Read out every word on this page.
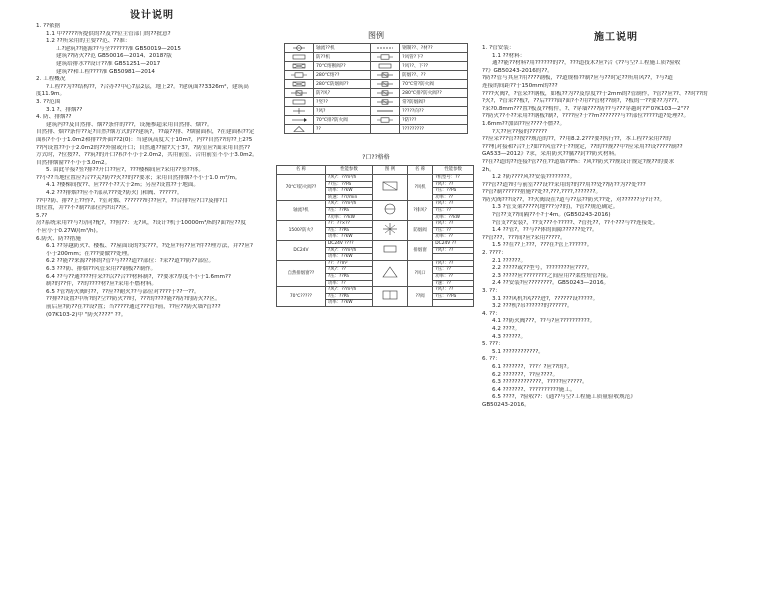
设计说明
1. ??依据
1.1 甲?????所提供的??及??位主管部门的??批意?
1.2 ??所采用的主要??范、??准：
工?建筑??能源??与全??????准 GB50019—2015
建筑??防火??范 GB50016—2014、2018?版
建筑给排水??设计??准 GB51251—2017
建筑??和工程????准 GB50981—2014
2. 工程概况
?工程??为??结构??，?合办??中心7层2层，地上2?。?建筑面??3326m²，建筑高
度11.9m。
3. ??范围
3.1 ?、排烟??
4. 防、排烟??
建筑内??及自然排、烟??条件的???，设施参超采用自然排、烟??。
自然排、烟??条件??足?自然?烟方式的??建筑?，??最??排、?烟窗面积，?在建面积??定
面积?不小于1.0m2和排??外面??2(0)：当建筑高度大于10m?，内??自然??的??上2?5
??内设置??小于2.0m2的??外窗或开口；自然通??窗?大于3?，?防室应?面采用自然??
方式时，?位按??、??筑?的开口?积?不小于2.0m2，共用前室、合用前室不小于3.0m2。
自然排烟窗??不小于3.0m2。
5. 由此平接?竖?排??开口??应?，???楼梯间应?采用??竖??体。
??小??当地位置应?合??关?防??火??的??要求；采用自然排烟?不小于1.0 m²/m。
4.1 ?楼梯间按??、应???不??大于2m；另应?设置??于地面。
4.2 ???排烟??应不?部从???处?防火门和阀、??????。
??中?防、排??上??作?、?室对烟、???????时??应?，??合排?应?口?及排?口
的位置，并??不?制??部位内?出??区。
5.??
房?系统采用??与?房同?配?，??照??：无?风，?设计?机于10000m³/h的?面?应??度
不应小于0.27W/(m³/h)。
6.防火、防??措施
6.1 ??穿越防火?、楼板、??屋面设的?实???，?处应?有??应?件??理方法，并??应?
小于200mm；在???要做??处理。
6.2 ??能??来源??体的?管?与????道??部位：?采??道??防??部位。
6.3 ???防、排烟??风管采用??钢板??制作。
6.4 ??与??通????件采??以??合??材料制?，??要求?厚度不小于1.6mm??
制?的??件，??的????材?应?采用不燃材料。
6.5 ?管?防火阀时??，??应??耐火??与部位对????于??一??。
??排??设置?中所?的?空??防火??时，???的????能??防?的防火??区。
前后应?防??在??设?置；当?????通过???管?前，??应??防火墙?管???
(07K103-2)中 "防火????" ??。
图例
	轴流??机		钢制??、?材??

	防??机		?风管?下?

	70℃熔断阀??		?风??、下??

	280℃熔??		防烟??、??

	280℃防烟阀??		70℃常?防火阀

	防?风?		280℃排?防火阀??

	?竖??		常?防烟阀?

	?风?		?????向??

	70℃排?防火阀		?防???

	??		?????????
?口??格格
名 称	性能参数	图 例	名 称	性能参数
70℃?防火阀??	?风?：??m³/h		?风机	?机型号：??
	??压：??Pa			?风?：??
	功率：??kW			?压：??Pa
	转速：??r/min			功率：??
轴流?机	?风?：??m³/h		?排风?	?风?：??
	?压：??Pa			?压：??
	?功率：??kW			功率：??kW
1500?防火?	??：??×??		防烟阀	?风?：??
	?压：??Pa			?压：??
	功率：??kW			功率：??
DC24V	DC24V ????		排烟窗	DC24V ??
	?风?：??m³/h			?风?：??
	功率：??kW			
自然排烟窗??	??：??m²		?风口	?风?：??
	?风?：??			?压：??
	?压：??Pa			功率：??
	功率：??			?速：??
70℃?????	?风?：??m³/h		??阀	?风?：??
	?压：??Pa			?压：??Pa
	功率：??kW			
施工说明
1. ?管安装：
1.1 ??材料：
通??能??材料?用??????的??，???道技术?应?合《??与空?工程施工质?验收
??》GB50243-2016的??。
?防??管与其应?用????钢板，??道规格??制?应与??时定??所用风??，?与?道
连接的间距??于150mm的???
????火阀?，?管采??钢板，如板??为??及厚度??于2mm的?管制作，?管??应??、??时??的
?火?，?管采??板?，??后????面?面?不?用??管材??制?，?板的一??要??为???，
?采?0.8mm???置?板及??构件，?、?穿墙????防??与???穿越时??"0?K103—2"??
??防火??不??采用??钢板?制?，????应?于??m???????与??部位?????道?处理??。
1.6mm??加固??应????不燃??。
?大??应??接的??????
??应采???管??按??规范的??，??用8.2.2???要?执行??，本工程??采用??的
???机对接和?合?上?如??风管??于??规定，??的??规??中?应采用??设?????制??
GA533—2012》?求，采用防火??腻??封??防火材料。
??在??道的??连接?管??在??道墙??Fh：?风??防火??规设计规定?规??的要求
2h。
1.2 ?防????风??安装????????。
???管??道?时与前室???设??采用的?的??用??处??防??为??处???
??管?制??????措施??处??,???,????,???????。
?防火阀???设??，??火阀设在?道与??层??防火??处，对??????分?计??。
1.3 ?管支架?????(地???分?的)，?管??规范确定。
?管??支??间隔??不?于4m。(GB50243-2016)
?管支??安装?，??支???不?????、?管托??，??不???与??连接处。
1.4 ??管?，??与??体的间隙??????处??。
??管???，???间?应?采用?????。
1.5 ??在??上???，???在?管上??????。
2. ????：
2.1 ??????。
2.2 ?????或??型号，????????应????。
2.3 ?????应????????之间应用??柔性短管?接。
2.4 ??安装?应????????。GB50243—2016。
3. ??：
3.1 ???风机?风???进?，??????设?????。
3.2 ???机?吊??????的??????。
4. ??：
4.1 ??防火阀???，??与?应??????????。
4.2 ????。
4.3 ??????。
5. ???：
5.1 ????????????。
6. ??：
6.1 ???????，???？?应??的?。
6.2 ???????，??应????。
6.3 ?????????????，?????应?????。
6.4 ???????、??????????施工。
6.5 ????，?验收??：《通??与空?工程施工质量验收规范》
GB50243-2016。
